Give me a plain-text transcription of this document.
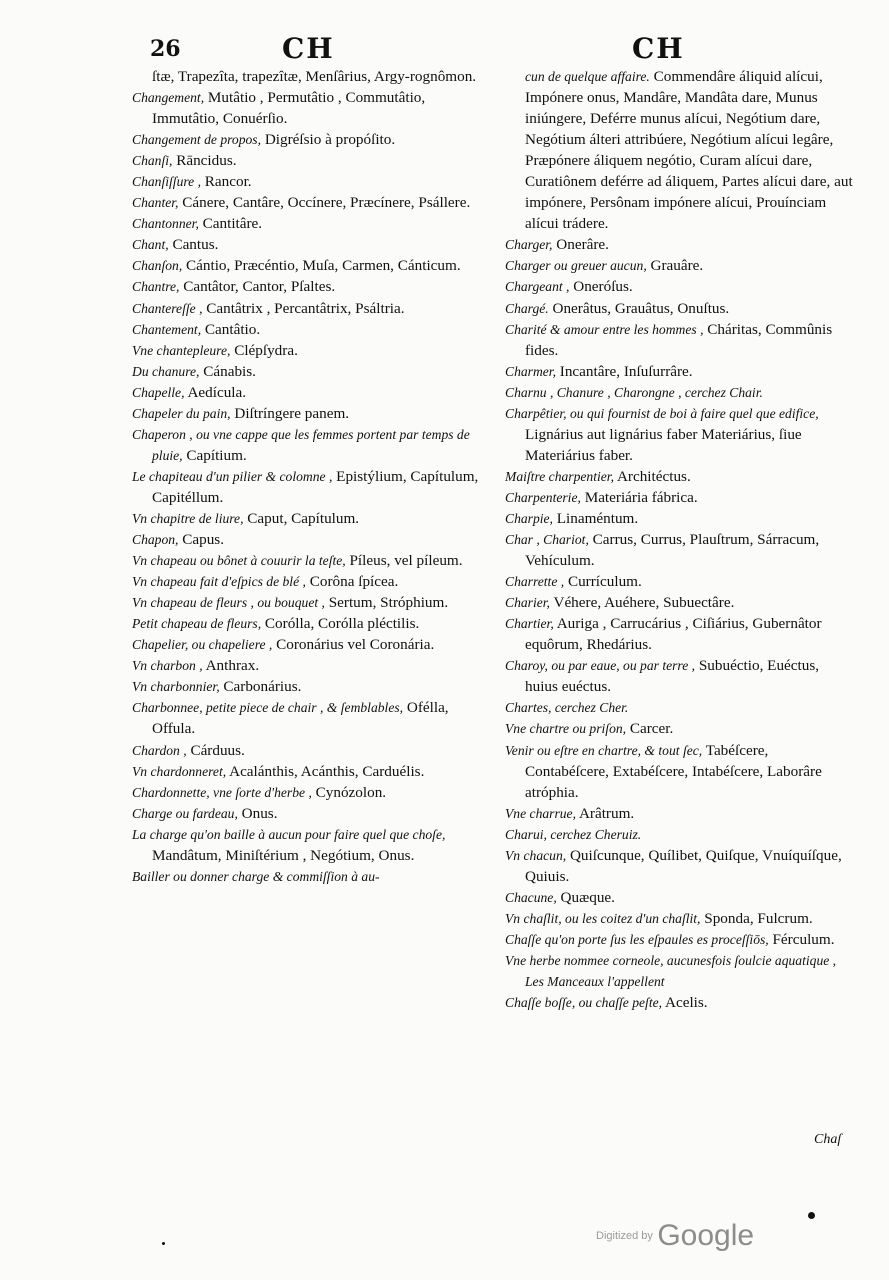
26	CH	CH
ſtæ, Trapezîta, trapezîtæ, Menſârius, Argy-rognômon.
Changement, Mutâtio , Permutâtio , Commutâtio, Immutâtio, Conuérſio.
Changement de propos, Digréſsio à propóſito.
Chanſi, Rāncidus.
Chanſiſſure , Rancor.
Chanter, Cánere, Cantâre, Occínere, Præcínere, Psállere.
Chantonner, Cantitâre.
Chant, Cantus.
Chanſon, Cántio, Præcéntio, Muſa, Carmen, Cánticum.
Chantre, Cantâtor, Cantor, Pſaltes.
Chantereſſe , Cantâtrix , Percantâtrix, Psáltria.
Chantement, Cantâtio.
Vne chantepleure, Clépſydra.
Du chanure, Cánabis.
Chapelle, Aedícula.
Chapeler du pain, Diſtríngere panem.
Chaperon , ou vne cappe que les femmes portent par temps de pluie, Capítium.
Le chapiteau d'un pilier & colomne , Epistýlium, Capítulum, Capitéllum.
Vn chapitre de liure, Caput, Capítulum.
Chapon, Capus.
Vn chapeau ou bônet à couurir la teſte, Píleus, vel píleum.
Vn chapeau fait d'eſpics de blé , Corôna ſpícea.
Vn chapeau de fleurs , ou bouquet , Sertum, Stróphium.
Petit chapeau de fleurs, Corólla, Corólla pléctilis.
Chapelier, ou chapeliere , Coronárius vel Coronária.
Vn charbon , Anthrax.
Vn charbonnier, Carbonárius.
Charbonnee, petite piece de chair , & ſemblables, Ofélla, Offula.
Chardon , Cárduus.
Vn chardonneret, Acalánthis, Acánthis, Carduélis.
Chardonnette, vne ſorte d'herbe , Cynózolon.
Charge ou fardeau, Onus.
La charge qu'on baille à aucun pour faire quel que choſe, Mandâtum, Miniſtérium , Negótium, Onus.
Bailler ou donner charge & commiſſion à au-
cun de quelque affaire. Commendâre áliquid alícui, Impónere onus, Mandâre, Mandâta dare, Munus iniúngere, Deférre munus alícui, Negótium dare, Negótium álteri attribúere, Negótium alícui legâre, Præpónere áliquem negótio, Curam alícui dare, Curatiônem deférre ad áliquem, Partes alícui dare, aut impónere, Persônam impónere alícui, Prouínciam alícui trádere.
Charger, Onerâre.
Charger ou greuer aucun, Grauâre.
Chargeant , Oneróſus.
Chargé. Onerâtus, Grauâtus, Onuſtus.
Charité & amour entre les hommes , Cháritas, Commûnis fides.
Charmer, Incantâre, Inſuſurrâre.
Charnu , Chanure , Charongne , cerchez Chair.
Charpêtier, ou qui fournist de boi à faire quel que edifice, Lignárius aut lignárius faber Materiárius, ſiue Materiárius faber.
Maiſtre charpentier, Architéctus.
Charpenterie, Materiária fábrica.
Charpie, Linaméntum.
Char , Chariot, Carrus, Currus, Plauſtrum, Sárracum, Vehículum.
Charrette , Currículum.
Charier, Véhere, Auéhere, Subuectâre.
Chartier, Auriga , Carrucárius , Ciſiárius, Gubernâtor equôrum, Rhedárius.
Charoy, ou par eaue, ou par terre , Subuéctio, Euéctus, huius euéctus.
Chartes, cerchez Cher.
Vne chartre ou priſon, Carcer.
Venir ou eſtre en chartre, & tout ſec, Tabéſcere, Contabéſcere, Extabéſcere, Intabéſcere, Laborâre atróphia.
Vne charrue, Arâtrum.
Charui, cerchez Cheruiz.
Vn chacun, Quiſcunque, Quílibet, Quiſque, Vnuíquíſque, Quiuis.
Chacune, Quæque.
Vn chaſlit, ou les coitez d'un chaſlit, Sponda, Fulcrum.
Chaſſe qu'on porte ſus les eſpaules es proceſſiōs, Férculum.
Vne herbe nommee corneole, aucunesfois ſoulcie aquatique , Les Manceaux l'appellent
Chaſſe boſſe, ou chaſſe peſte, Acelis.
Chaſ
Digitized by Google
